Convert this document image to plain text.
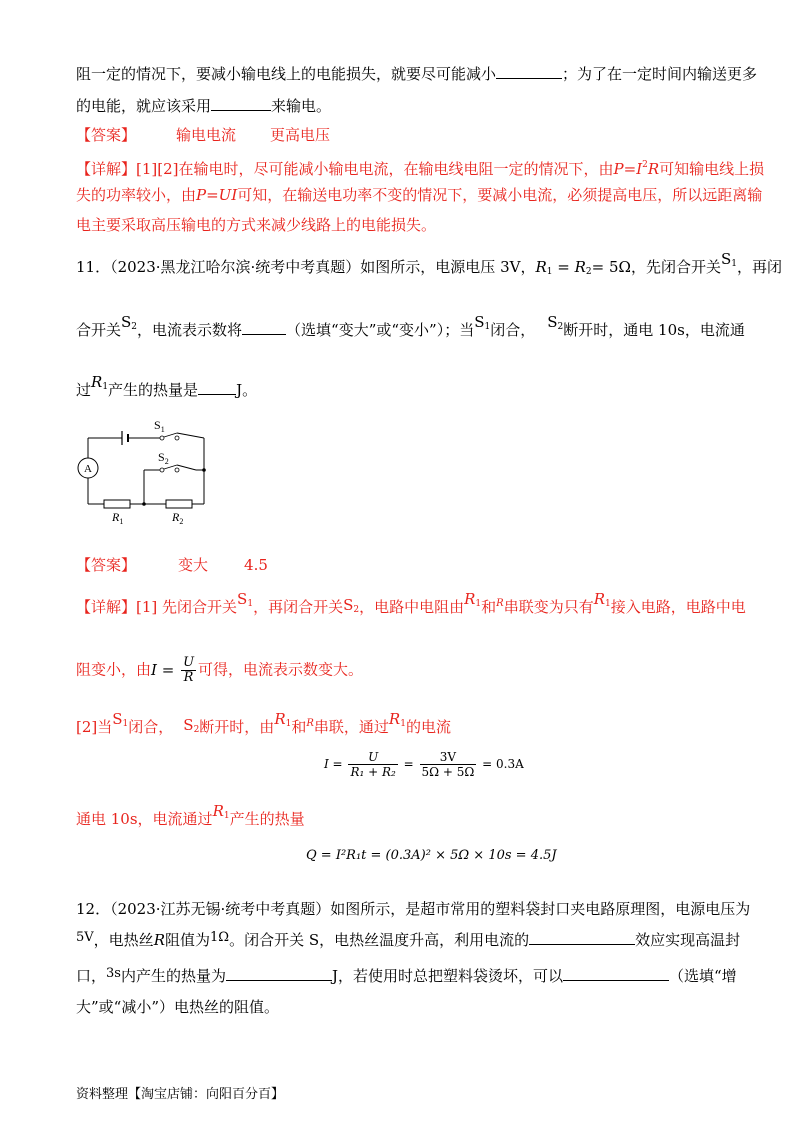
阻一定的情况下，要减小输电线上的电能损失，就要尽可能减小	；为了在一定时间内输送更多
的电能，就应该采用	来输电。
【答案】	输电电流 更高电压
【详解】[1][2]在输电时，尽可能减小输电电流，在输电线电阻一定的情况下，由$P=I^2R$可知输电线上损
失的功率较小，由P=UI可知，在输送电功率不变的情况下，要减小电流，必须提高电压，所以远距离输
电主要采取高压输电的方式来减少线路上的电能损失。
11．（2023·黑龙江哈尔滨·统考中考真题）如图所示，电源电压 3V，$R_1 = R_2= 5\Omega$，先闭合开关$S_1$，再闭
合开关$S_2$，电流表示数将	（选填“变大”或“变小”）；当$S_1$闭合， $S_2$断开时，通电 10s，电流通
过$R_1$产生的热量是	J。
A
$S_1$
$S_2$
$R_1$	$R_2$
【答案】	变大 4.5
【详解】[1] 先闭合开关$S_1$，再闭合开关$S_2$，电路中电阻由$R_1$和$^R$串联变为只有$R_1$接入电路，电路中电
阻变小，由$I = \frac{U}{R}$ 可得，电流表示数变大。
[2]当$S_1$闭合， $S_2$断开时，由$R_1$和$^R$串联，通过$R_1$的电流
$I = \frac{U}{\text{R₁ + R₂}} = \frac{3V}{5\Omega + 5\Omega} = 0.3A$
通电 10s，电流通过$R_1$产生的热量
Q = I²R₁t = (0.3A)² × 5Ω × 10s = 4.5J
12．（2023·江苏无锡·统考中考真题）如图所示，是超市常用的塑料袋封口夹电路原理图，电源电压为
5V，电热丝R阻值为1Ω。闭合开关 S，电热丝温度升高，利用电流的	效应实现高温封
口，3s内产生的热量为	J，若使用时总把塑料袋烫坏，可以	（选填“增
大”或“减小”）电热丝的阻值。
资料整理【淘宝店铺：向阳百分百】
